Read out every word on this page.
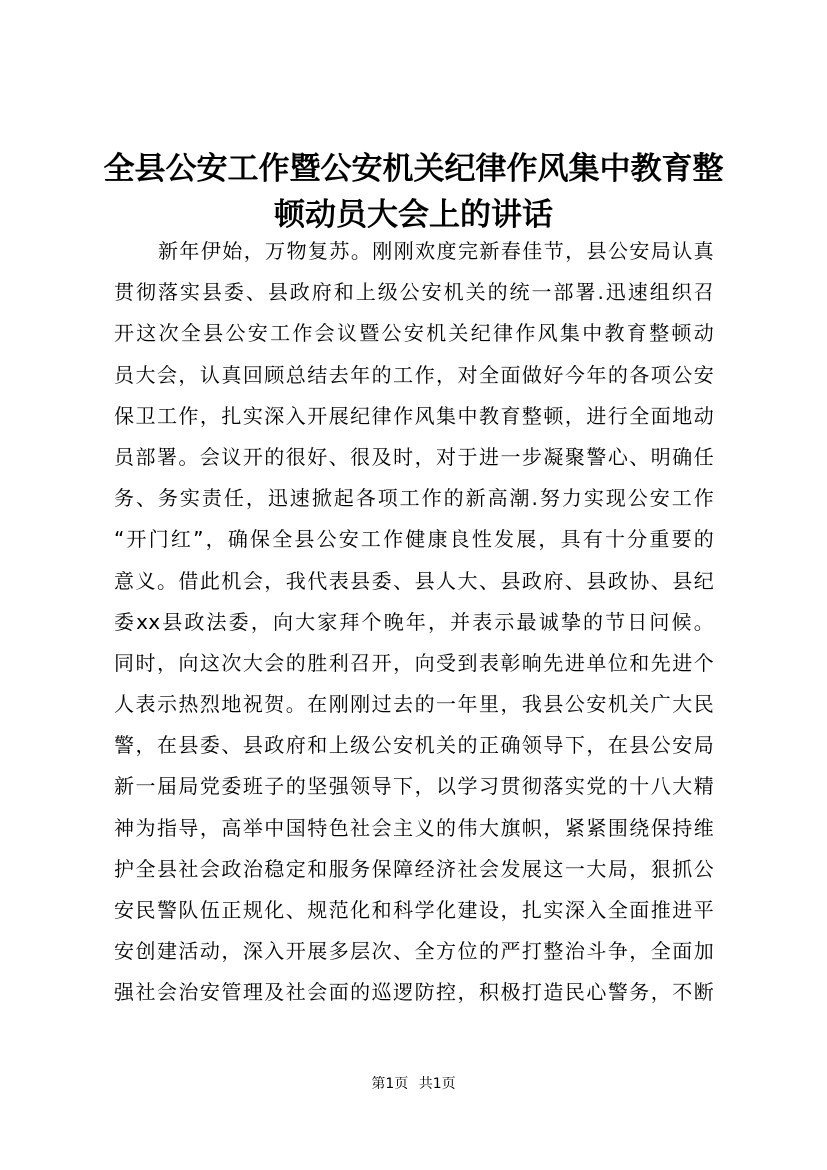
全县公安工作暨公安机关纪律作风集中教育整
顿动员大会上的讲话
新年伊始，万物复苏。刚刚欢度完新春佳节，县公安局认真
贯彻落实县委、县政府和上级公安机关的统一部署.迅速组织召
开这次全县公安工作会议暨公安机关纪律作风集中教育整顿动
员大会，认真回顾总结去年的工作，对全面做好今年的各项公安
保卫工作，扎实深入开展纪律作风集中教育整顿，进行全面地动
员部署。会议开的很好、很及时，对于进一步凝聚警心、明确任
务、务实责任，迅速掀起各项工作的新高潮.努力实现公安工作
“开门红”，确保全县公安工作健康良性发展，具有十分重要的
意义。借此机会，我代表县委、县人大、县政府、县政协、县纪
委xx县政法委，向大家拜个晚年，并表示最诚挚的节日问候。
同时，向这次大会的胜利召开，向受到表彰晌先进单位和先进个
人表示热烈地祝贺。在刚刚过去的一年里，我县公安机关广大民
警，在县委、县政府和上级公安机关的正确领导下，在县公安局
新一届局党委班子的坚强领导下，以学习贯彻落实党的十八大精
神为指导，高举中国特色社会主义的伟大旗帜，紧紧围绕保持维
护全县社会政治稳定和服务保障经济社会发展这一大局，狠抓公
安民警队伍正规化、规范化和科学化建设，扎实深入全面推进平
安创建活动，深入开展多层次、全方位的严打整治斗争，全面加
强社会治安管理及社会面的巡逻防控，积极打造民心警务，不断
第1页 共1页
